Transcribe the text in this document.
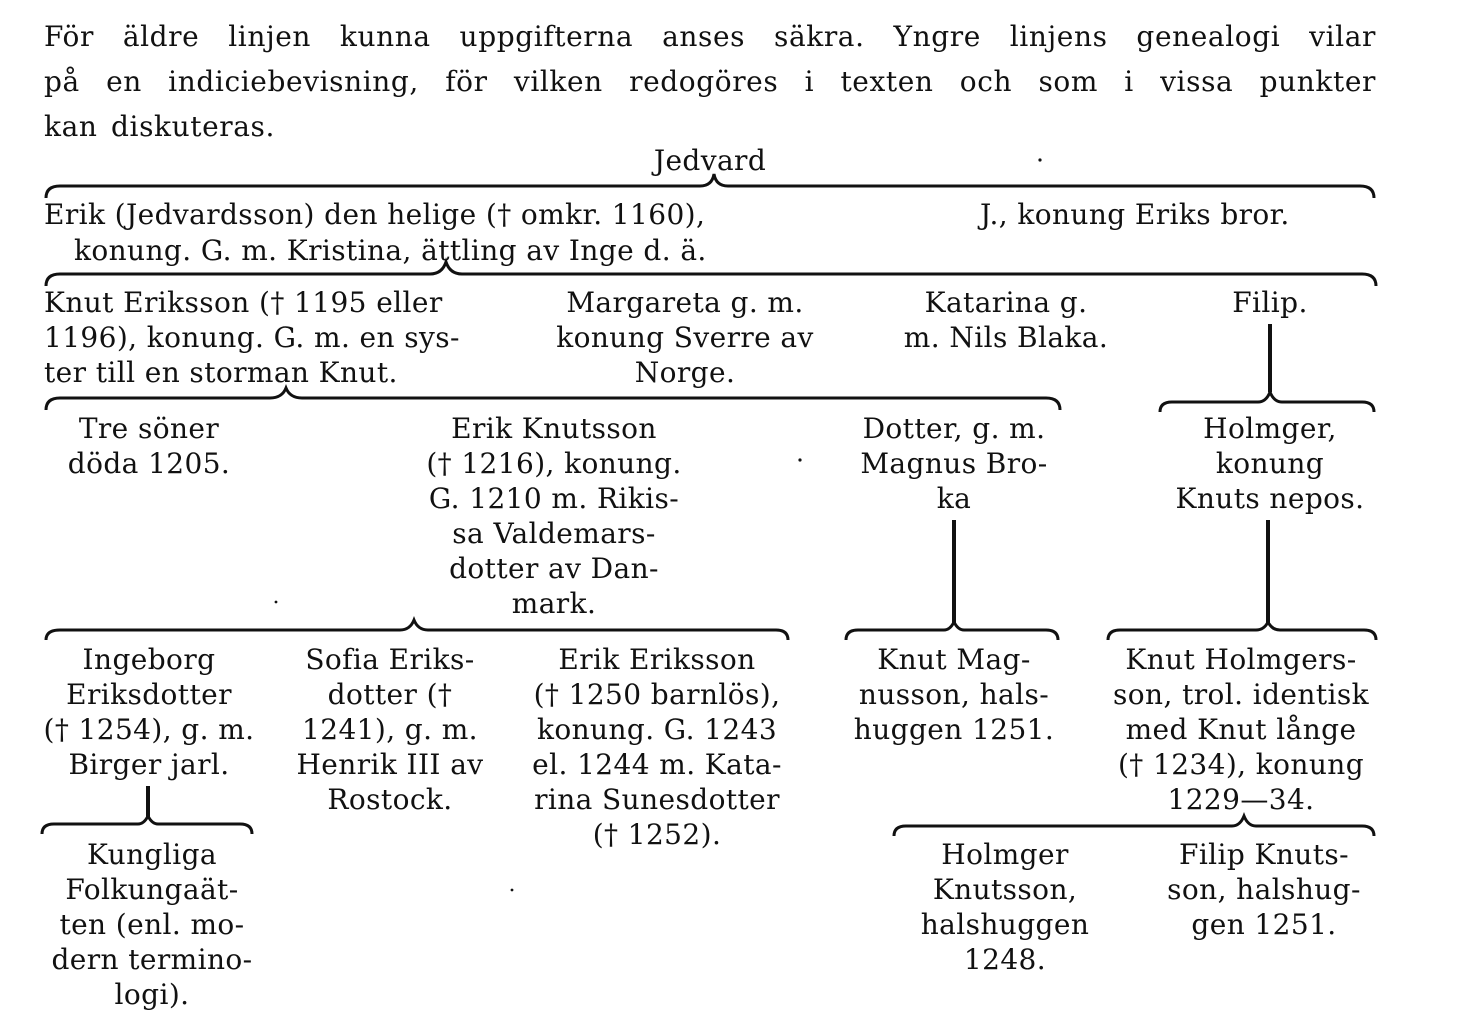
För äldre linjen kunna uppgifterna anses säkra. Yngre linjens genealogi vilar
på en indiciebevisning, för vilken redogöres i texten och som i vissa punkter
kan diskuteras.
Jedvard
Erik (Jedvardsson) den helige († omkr. 1160),
konung. G. m. Kristina, ättling av Inge d. ä.
J., konung Eriks bror.
Knut Eriksson († 1195 eller
1196), konung. G. m. en sys-
ter till en storman Knut.
Margareta g. m.
konung Sverre av
Norge.
Katarina g.
m. Nils Blaka.
Filip.
Tre söner
döda 1205.
Erik Knutsson
(† 1216), konung.
G. 1210 m. Rikis-
sa Valdemars-
dotter av Dan-
mark.
Dotter, g. m.
Magnus Bro-
ka
Holmger,
konung
Knuts nepos.
Ingeborg
Eriksdotter
(† 1254), g. m.
Birger jarl.
Sofia Eriks-
dotter (†
1241), g. m.
Henrik III av
Rostock.
Erik Eriksson
(† 1250 barnlös),
konung. G. 1243
el. 1244 m. Kata-
rina Sunesdotter
(† 1252).
Knut Mag-
nusson, hals-
huggen 1251.
Knut Holmgers-
son, trol. identisk
med Knut långe
(† 1234), konung
1229—34.
Kungliga
Folkungaät-
ten (enl. mo-
dern termino-
logi).
Holmger
Knutsson,
halshuggen
1248.
Filip Knuts-
son, halshug-
gen 1251.
